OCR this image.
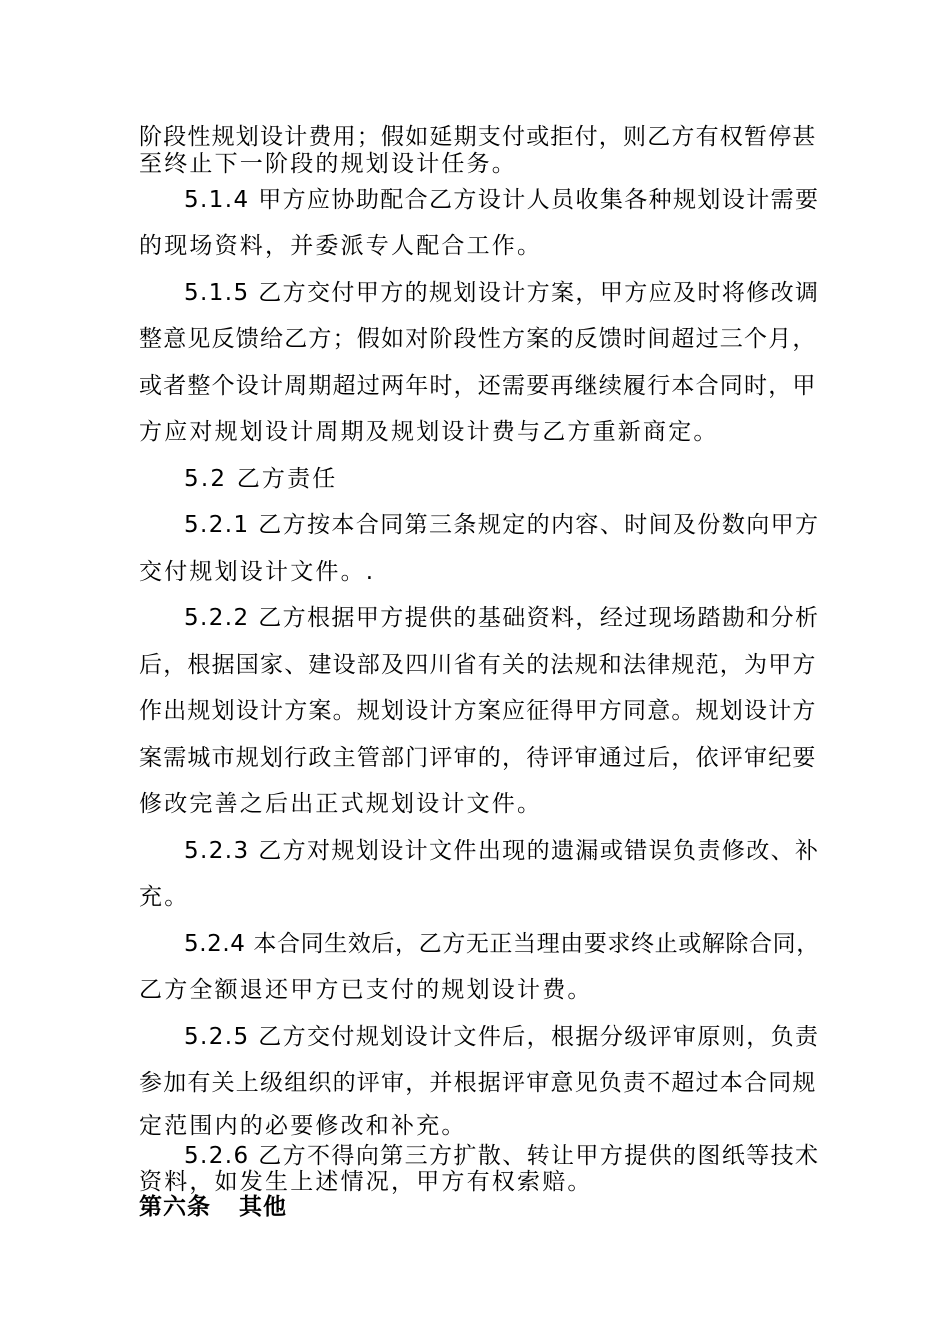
阶段性规划设计费用；假如延期支付或拒付，则乙方有权暂停甚
至终止下一阶段的规划设计任务。
5.1.4 甲方应协助配合乙方设计人员收集各种规划设计需要
的现场资料，并委派专人配合工作。
5.1.5 乙方交付甲方的规划设计方案，甲方应及时将修改调
整意见反馈给乙方；假如对阶段性方案的反馈时间超过三个月，
或者整个设计周期超过两年时，还需要再继续履行本合同时，甲
方应对规划设计周期及规划设计费与乙方重新商定。
5.2 乙方责任
5.2.1 乙方按本合同第三条规定的内容、时间及份数向甲方
交付规划设计文件。.
5.2.2 乙方根据甲方提供的基础资料，经过现场踏勘和分析
后，根据国家、建设部及四川省有关的法规和法律规范，为甲方
作出规划设计方案。规划设计方案应征得甲方同意。规划设计方
案需城市规划行政主管部门评审的，待评审通过后，依评审纪要
修改完善之后出正式规划设计文件。
5.2.3 乙方对规划设计文件出现的遗漏或错误负责修改、补
充。
5.2.4 本合同生效后，乙方无正当理由要求终止或解除合同，
乙方全额退还甲方已支付的规划设计费。
5.2.5 乙方交付规划设计文件后，根据分级评审原则，负责
参加有关上级组织的评审，并根据评审意见负责不超过本合同规
定范围内的必要修改和补充。
5.2.6 乙方不得向第三方扩散、转让甲方提供的图纸等技术
资料，如发生上述情况，甲方有权索赔。
第六条 其他
